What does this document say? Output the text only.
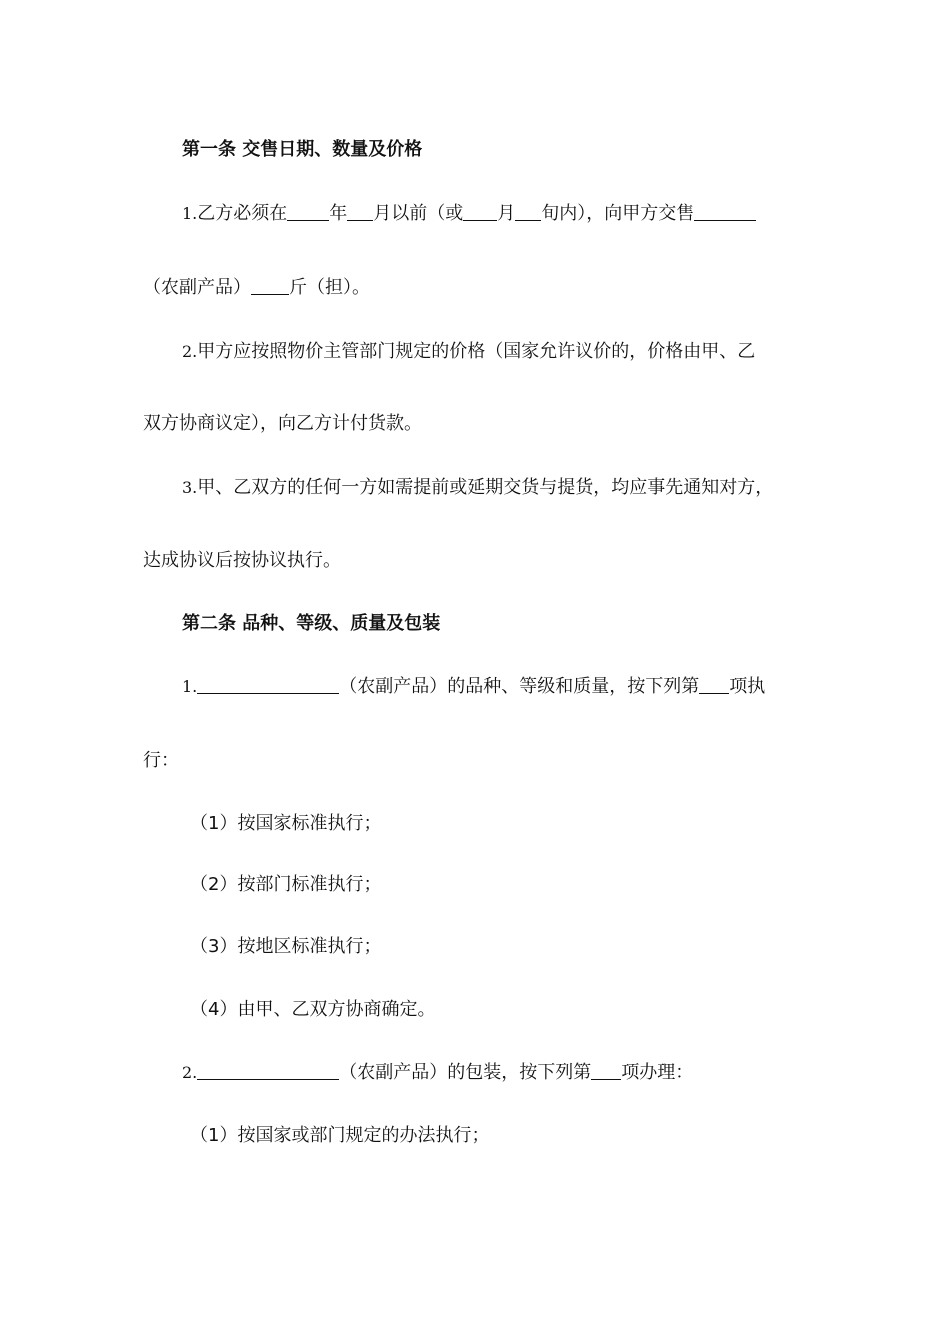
第一条 交售日期、数量及价格
1.乙方必须在 年 月以前（或 月 旬内），向甲方交售
（农副产品） 斤（担）。
2.甲方应按照物价主管部门规定的价格（国家允许议价的，价格由甲、乙
双方协商议定），向乙方计付货款。
3.甲、乙双方的任何一方如需提前或延期交货与提货，均应事先通知对方，
达成协议后按协议执行。
第二条 品种、等级、质量及包装
1.	（农副产品）的品种、等级和质量，按下列第 项执
行：
（1）按国家标准执行；
（2）按部门标准执行；
（3）按地区标准执行；
（4）由甲、乙双方协商确定。
2.	（农副产品）的包装，按下列第 项办理：
（1）按国家或部门规定的办法执行；
